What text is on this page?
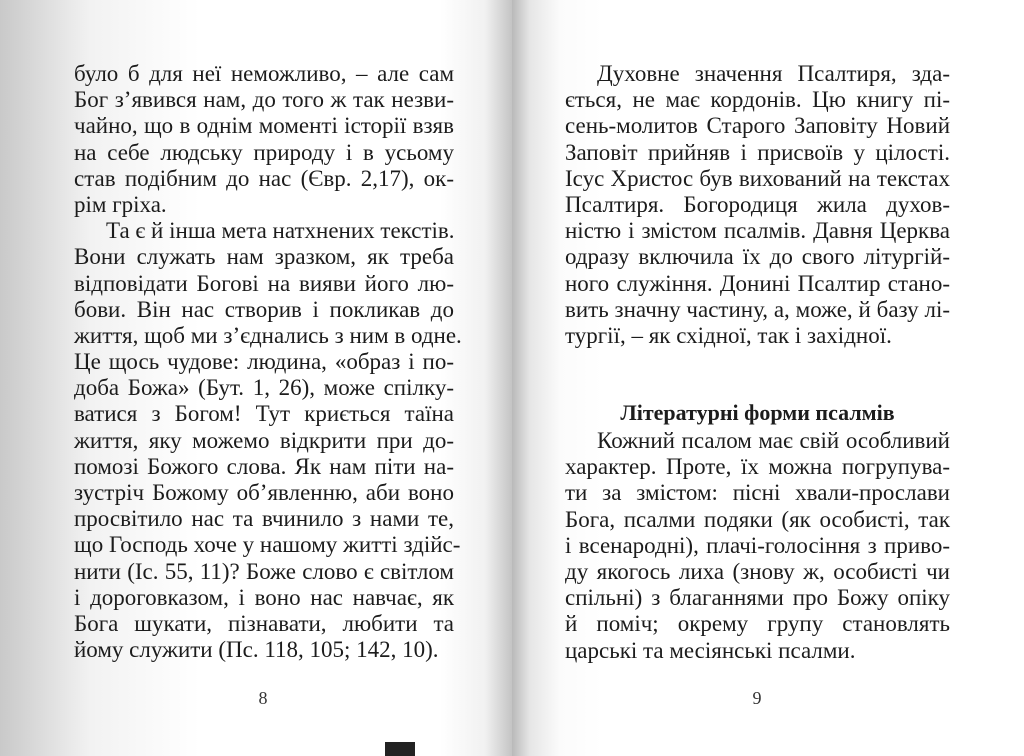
було б для неї неможливо, – але сам
Бог з’явився нам, до того ж так незви-
чайно, що в однім моменті історії взяв
на себе людську природу і в усьому
став подібним до нас (Євр. 2,17), ок-
рім гріха.
Та є й інша мета натхнених текстів.
Вони служать нам зразком, як треба
відповідати Богові на вияви його лю-
бови. Він нас створив і покликав до
життя, щоб ми з’єднались з ним в одне.
Це щось чудове: людина, «образ і по-
доба Божа» (Бут. 1, 26), може спілку-
ватися з Богом! Тут криється таїна
життя, яку можемо відкрити при до-
помозі Божого слова. Як нам піти на-
зустріч Божому об’явленню, аби воно
просвітило нас та вчинило з нами те,
що Господь хоче у нашому житті здійс-
нити (Іс. 55, 11)? Боже слово є світлом
і дороговказом, і воно нас навчає, як
Бога шукати, пізнавати, любити та
йому служити (Пс. 118, 105; 142, 10).
Духовне значення Псалтиря, зда-
ється, не має кордонів. Цю книгу пі-
сень-молитов Старого Заповіту Новий
Заповіт прийняв і присвоїв у цілості.
Ісус Христос був вихований на текстах
Псалтиря. Богородиця жила духов-
ністю і змістом псалмів. Давня Церква
одразу включила їх до свого літургій-
ного служіння. Донині Псалтир стано-
вить значну частину, а, може, й базу лі-
тургії, – як східної, так і західної.
Літературні форми псалмів
Кожний псалом має свій особливий
характер. Проте, їх можна погрупува-
ти за змістом: пісні хвали-прослави
Бога, псалми подяки (як особисті, так
і всенародні), плачі-голосіння з приво-
ду якогось лиха (знову ж, особисті чи
спільні) з благаннями про Божу опіку
й поміч; окрему групу становлять
царські та месіянські псалми.
8	9
